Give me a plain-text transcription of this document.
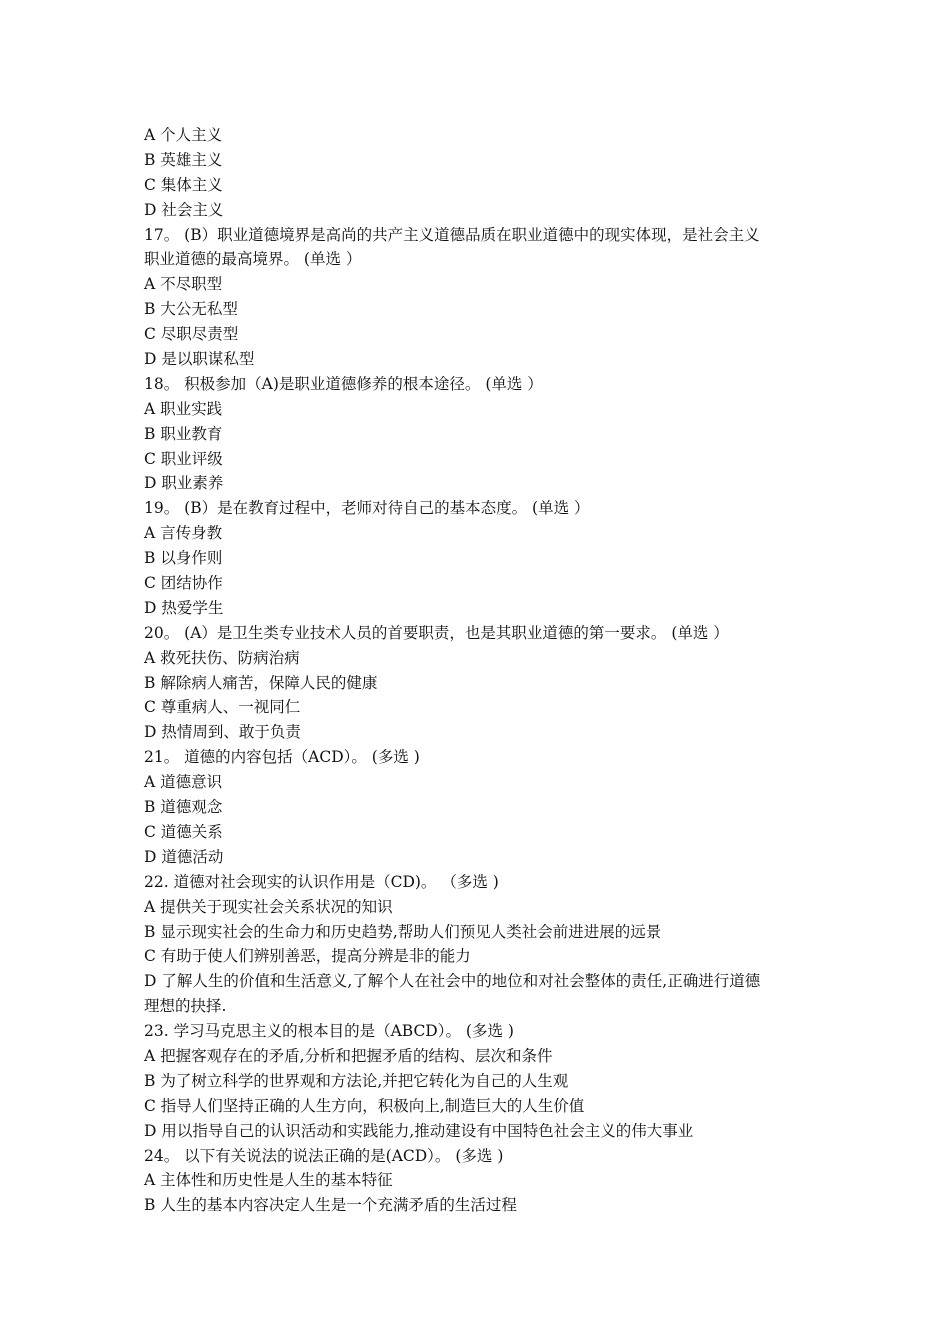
A 个人主义
B 英雄主义
C 集体主义
D 社会主义
17。 (B）职业道德境界是高尚的共产主义道德品质在职业道德中的现实体现，是社会主义
职业道德的最高境界。 (单选 ）
A 不尽职型
B 大公无私型
C 尽职尽责型
D 是以职谋私型
18。 积极参加（A)是职业道德修养的根本途径。 (单选 ）
A 职业实践
B 职业教育
C 职业评级
D 职业素养
19。 (B）是在教育过程中，老师对待自己的基本态度。 (单选 ）
A 言传身教
B 以身作则
C 团结协作
D 热爱学生
20。 (A）是卫生类专业技术人员的首要职责，也是其职业道德的第一要求。 (单选 ）
A 救死扶伤、防病治病
B 解除病人痛苦，保障人民的健康
C 尊重病人、一视同仁
D 热情周到、敢于负责
21。 道德的内容包括（ACD）。 (多选 )
A 道德意识
B 道德观念
C 道德关系
D 道德活动
22. 道德对社会现实的认识作用是（CD)。 （多选 )
A 提供关于现实社会关系状况的知识
B 显示现实社会的生命力和历史趋势,帮助人们预见人类社会前进进展的远景
C 有助于使人们辨别善恶，提高分辨是非的能力
D 了解人生的价值和生活意义,了解个人在社会中的地位和对社会整体的责任,正确进行道德
理想的抉择.
23. 学习马克思主义的根本目的是（ABCD）。 (多选 )
A 把握客观存在的矛盾,分析和把握矛盾的结构、层次和条件
B 为了树立科学的世界观和方法论,并把它转化为自己的人生观
C 指导人们坚持正确的人生方向，积极向上,制造巨大的人生价值
D 用以指导自己的认识活动和实践能力,推动建设有中国特色社会主义的伟大事业
24。 以下有关说法的说法正确的是(ACD）。 (多选 )
A 主体性和历史性是人生的基本特征
B 人生的基本内容决定人生是一个充满矛盾的生活过程
